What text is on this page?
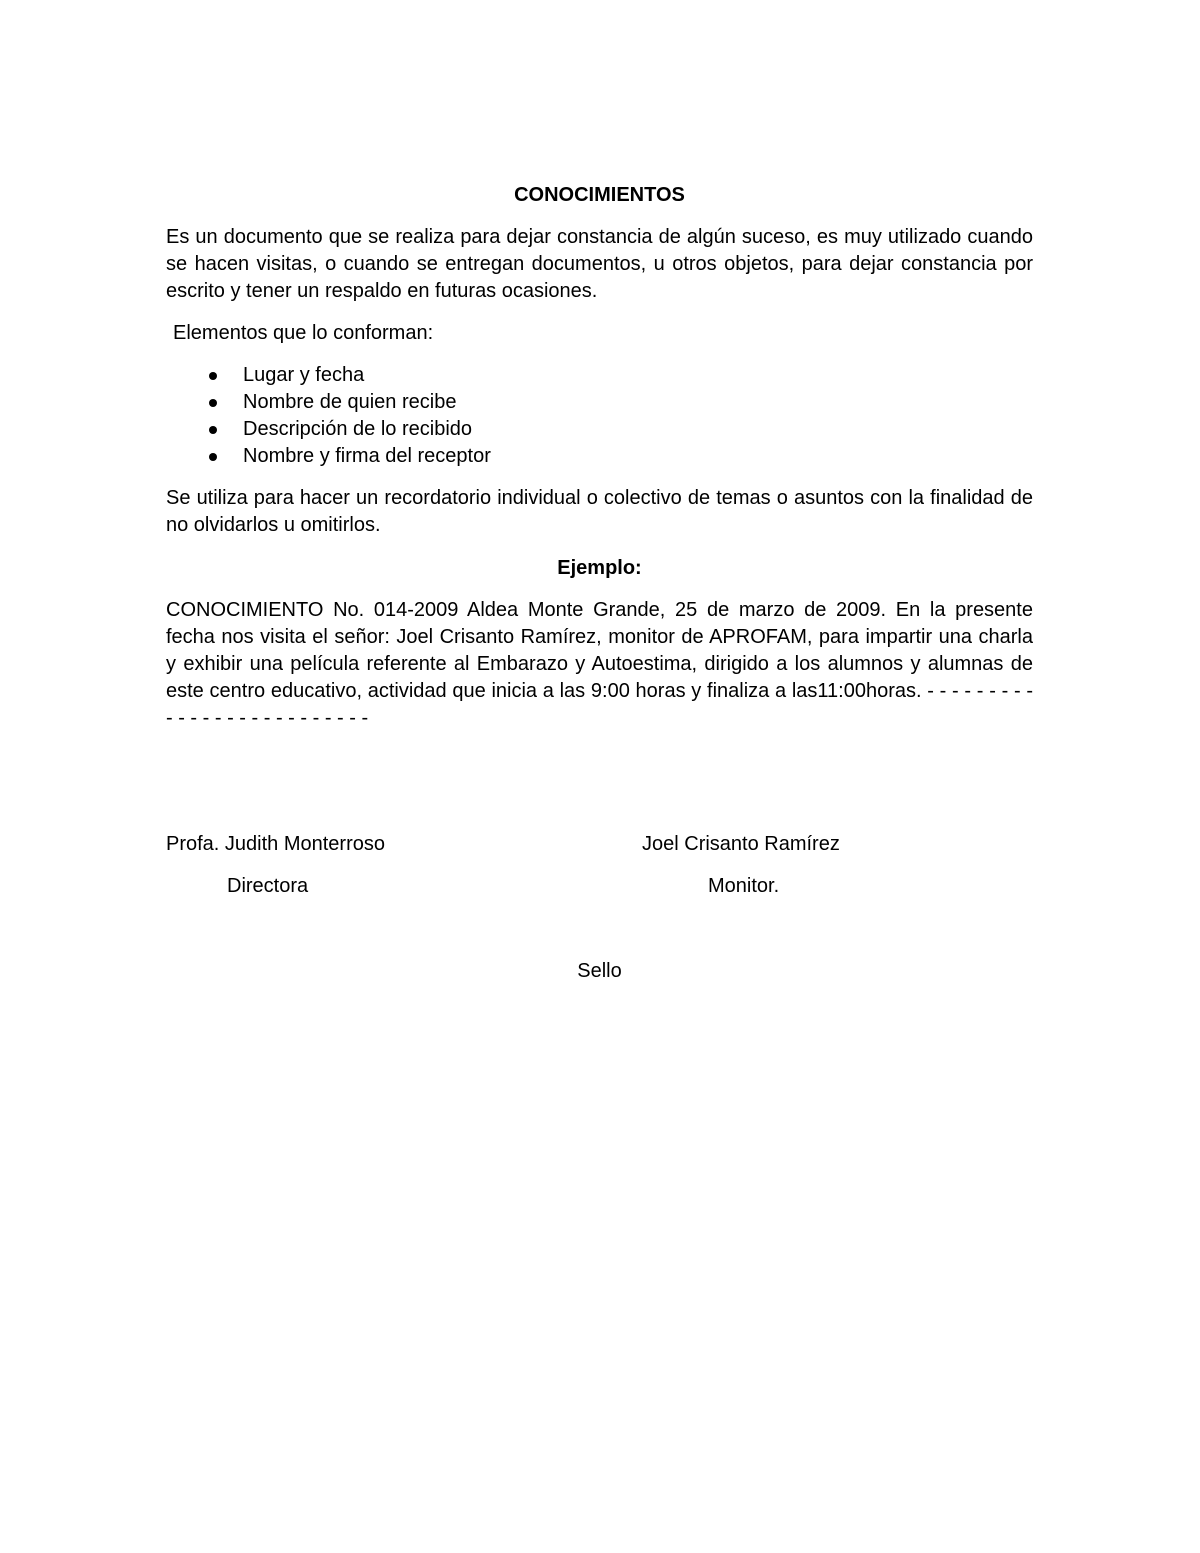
CONOCIMIENTOS

Es un documento que se realiza para dejar constancia de algún suceso, es muy utilizado cuando se hacen visitas, o cuando se entregan documentos, u otros objetos, para dejar constancia por escrito y tener un respaldo en futuras ocasiones.

Elementos que lo conforman:

Lugar y fecha
Nombre de quien recibe
Descripción de lo recibido
Nombre y firma del receptor

Se utiliza para hacer un recordatorio individual o colectivo de temas o asuntos con la finalidad de no olvidarlos u omitirlos.

Ejemplo:

CONOCIMIENTO No. 014-2009 Aldea Monte Grande, 25 de marzo de 2009. En la presente fecha nos visita el señor: Joel Crisanto Ramírez, monitor de APROFAM, para impartir una charla y exhibir una película referente al Embarazo y Autoestima, dirigido a los alumnos y alumnas de este centro educativo, actividad que inicia a las 9:00 horas y finaliza a las11:00horas. - - - - - - - - - - - - - - - - - - - - - - - - - -

Profa. Judith Monterroso	Joel Crisanto Ramírez

Directora	Monitor.

Sello
